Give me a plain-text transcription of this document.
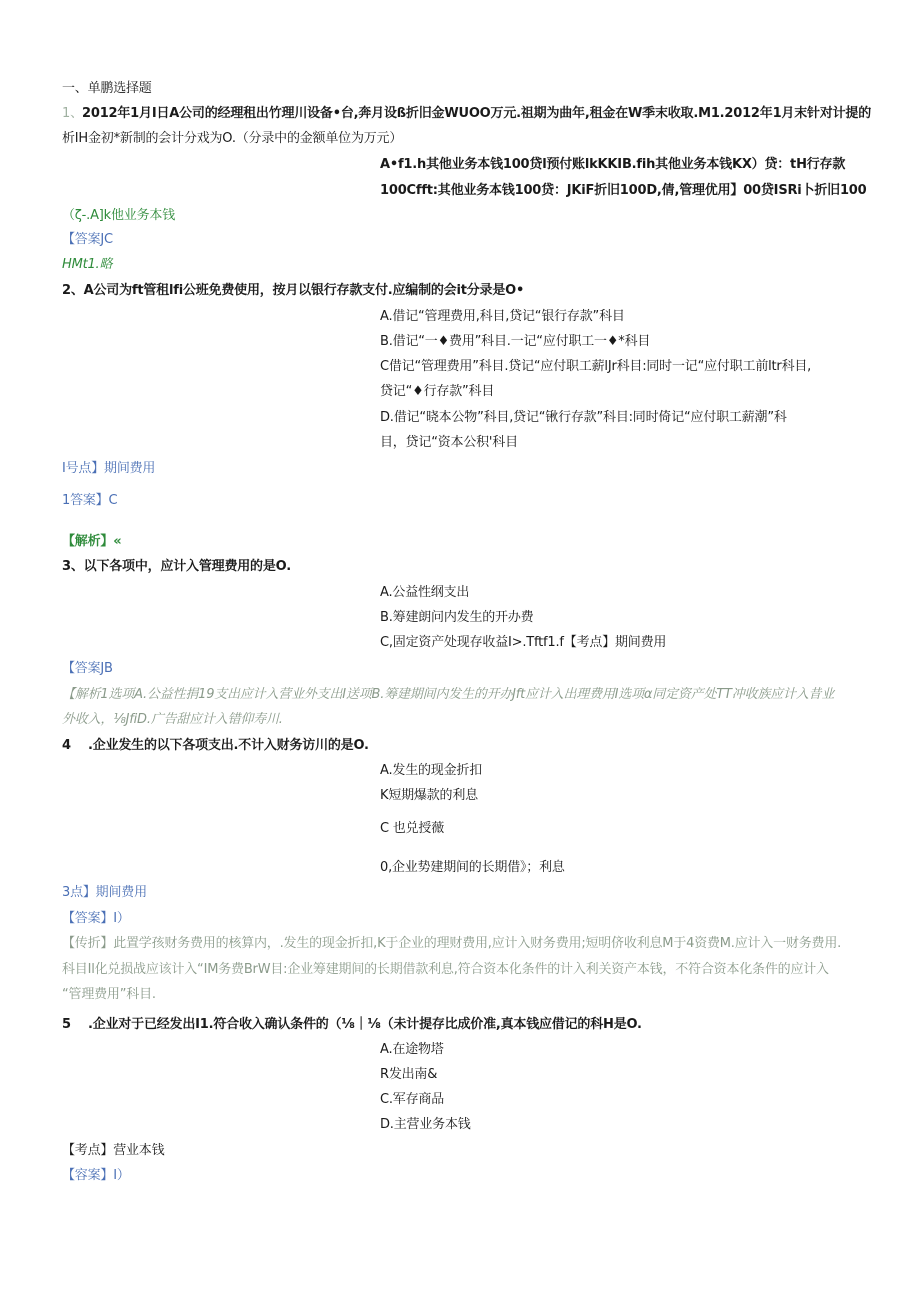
一、单鹏选择题
1、 2012年1月I日A公司的经理租出竹理川设备•台,奔月设ß折旧金WUOO万元.祖期为曲年,租金在W季末收取.M1.2012年1月末针对计提的
析IH金初*新制的会计分戏为O.（分录中的金额单位为万元）
A•f1.h其他业务本钱100贷l预付账lkKKIB.fih其他业务本钱KX）贷：tH行存款
100Cfft:其他业务本钱100贷：JKiF折旧100D,倩,管理优用】00贷ISRi卜折旧100
（ζ-.A]k他业务本钱
【答案JC
HMt1.略
2、A公司为ft管租lfi公班免费使用，按月以银行存款支付.应编制的会it分录是O•
A.借记“管理费用,科目,贷记“银行存款”科目
B.借记“一♦费用”科目.一记“应付职工一♦*科目
C借记“管理费用”科目.贷记“应付职工薪lJr科目:同时一记“应付职工前ltr科目,
贷记“♦行存款”科目
D.借记“晓本公物”科目,贷记“锹行存款”科目:同时倚记“应付职工薪潮”科
目，贷记“资本公积'科目
I号点】期间费用
1答案】C
【解析】«
3、以下各项中，应计入管理费用的是O.
A.公益性纲支出
B.筹建朗问内发生的开办费
C,固定资产处现存收益I>.Tftf1.f【考点】期间费用
【答案JB
【解析1选项A.公益性捐19支出应计入营业外支出I送项B.筹建期间内发生的开办Jft应计入出理费用I选项α同定资产处TT冲收族应计入昔业
外收入，⅛JfiD.广告甜应计入错仰寿川.
4 .企业发生的以下各项支出.不计入财务访川的是O.
A.发生的现金折扣
K短期爆款的利息
C 也兑授薇
0,企业势建期间的长期借》；利息
3点】期间费用
【答案】I）
【传折】此置学孩财务费用的核算内，.发生的现金折扣,K于企业的理财费用,应计入财务费用;短明侪收利息M于4资费M.应计入一财务费用.
科目Il化兑损战应该计入“IM务费BrW目:企业筹建期间的长期借款利息,符合资本化条件的计入利关资产本钱，不符合资本化条件的应计入
“管理费用”科目.
5 .企业对于已经发出I1.符合收入确认条件的（⅛｜⅛（未计提存比成价准,真本钱应借记的科H是O.
A.在途物塔
R发出南&
C.军存商品
D.主营业务本钱
【考点】营业本钱
【容案】I）
